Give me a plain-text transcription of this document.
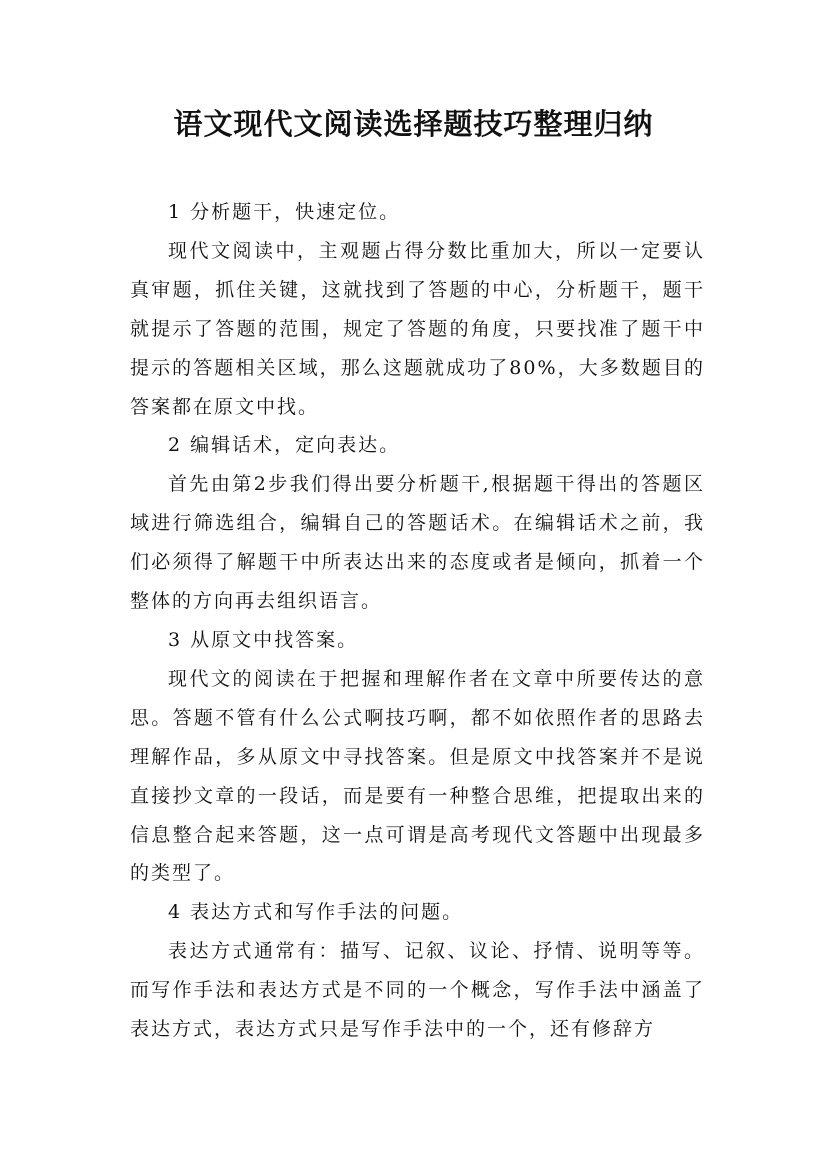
语文现代文阅读选择题技巧整理归纳

1 分析题干，快速定位。

现代文阅读中，主观题占得分数比重加大，所以一定要认真审题，抓住关键，这就找到了答题的中心，分析题干，题干就提示了答题的范围，规定了答题的角度，只要找准了题干中提示的答题相关区域，那么这题就成功了80%，大多数题目的答案都在原文中找。

2 编辑话术，定向表达。

首先由第2步我们得出要分析题干,根据题干得出的答题区域进行筛选组合，编辑自己的答题话术。在编辑话术之前，我们必须得了解题干中所表达出来的态度或者是倾向，抓着一个整体的方向再去组织语言。

3 从原文中找答案。

现代文的阅读在于把握和理解作者在文章中所要传达的意思。答题不管有什么公式啊技巧啊，都不如依照作者的思路去理解作品，多从原文中寻找答案。但是原文中找答案并不是说直接抄文章的一段话，而是要有一种整合思维，把提取出来的信息整合起来答题，这一点可谓是高考现代文答题中出现最多的类型了。

4 表达方式和写作手法的问题。

表达方式通常有：描写、记叙、议论、抒情、说明等等。而写作手法和表达方式是不同的一个概念，写作手法中涵盖了表达方式，表达方式只是写作手法中的一个，还有修辞方
